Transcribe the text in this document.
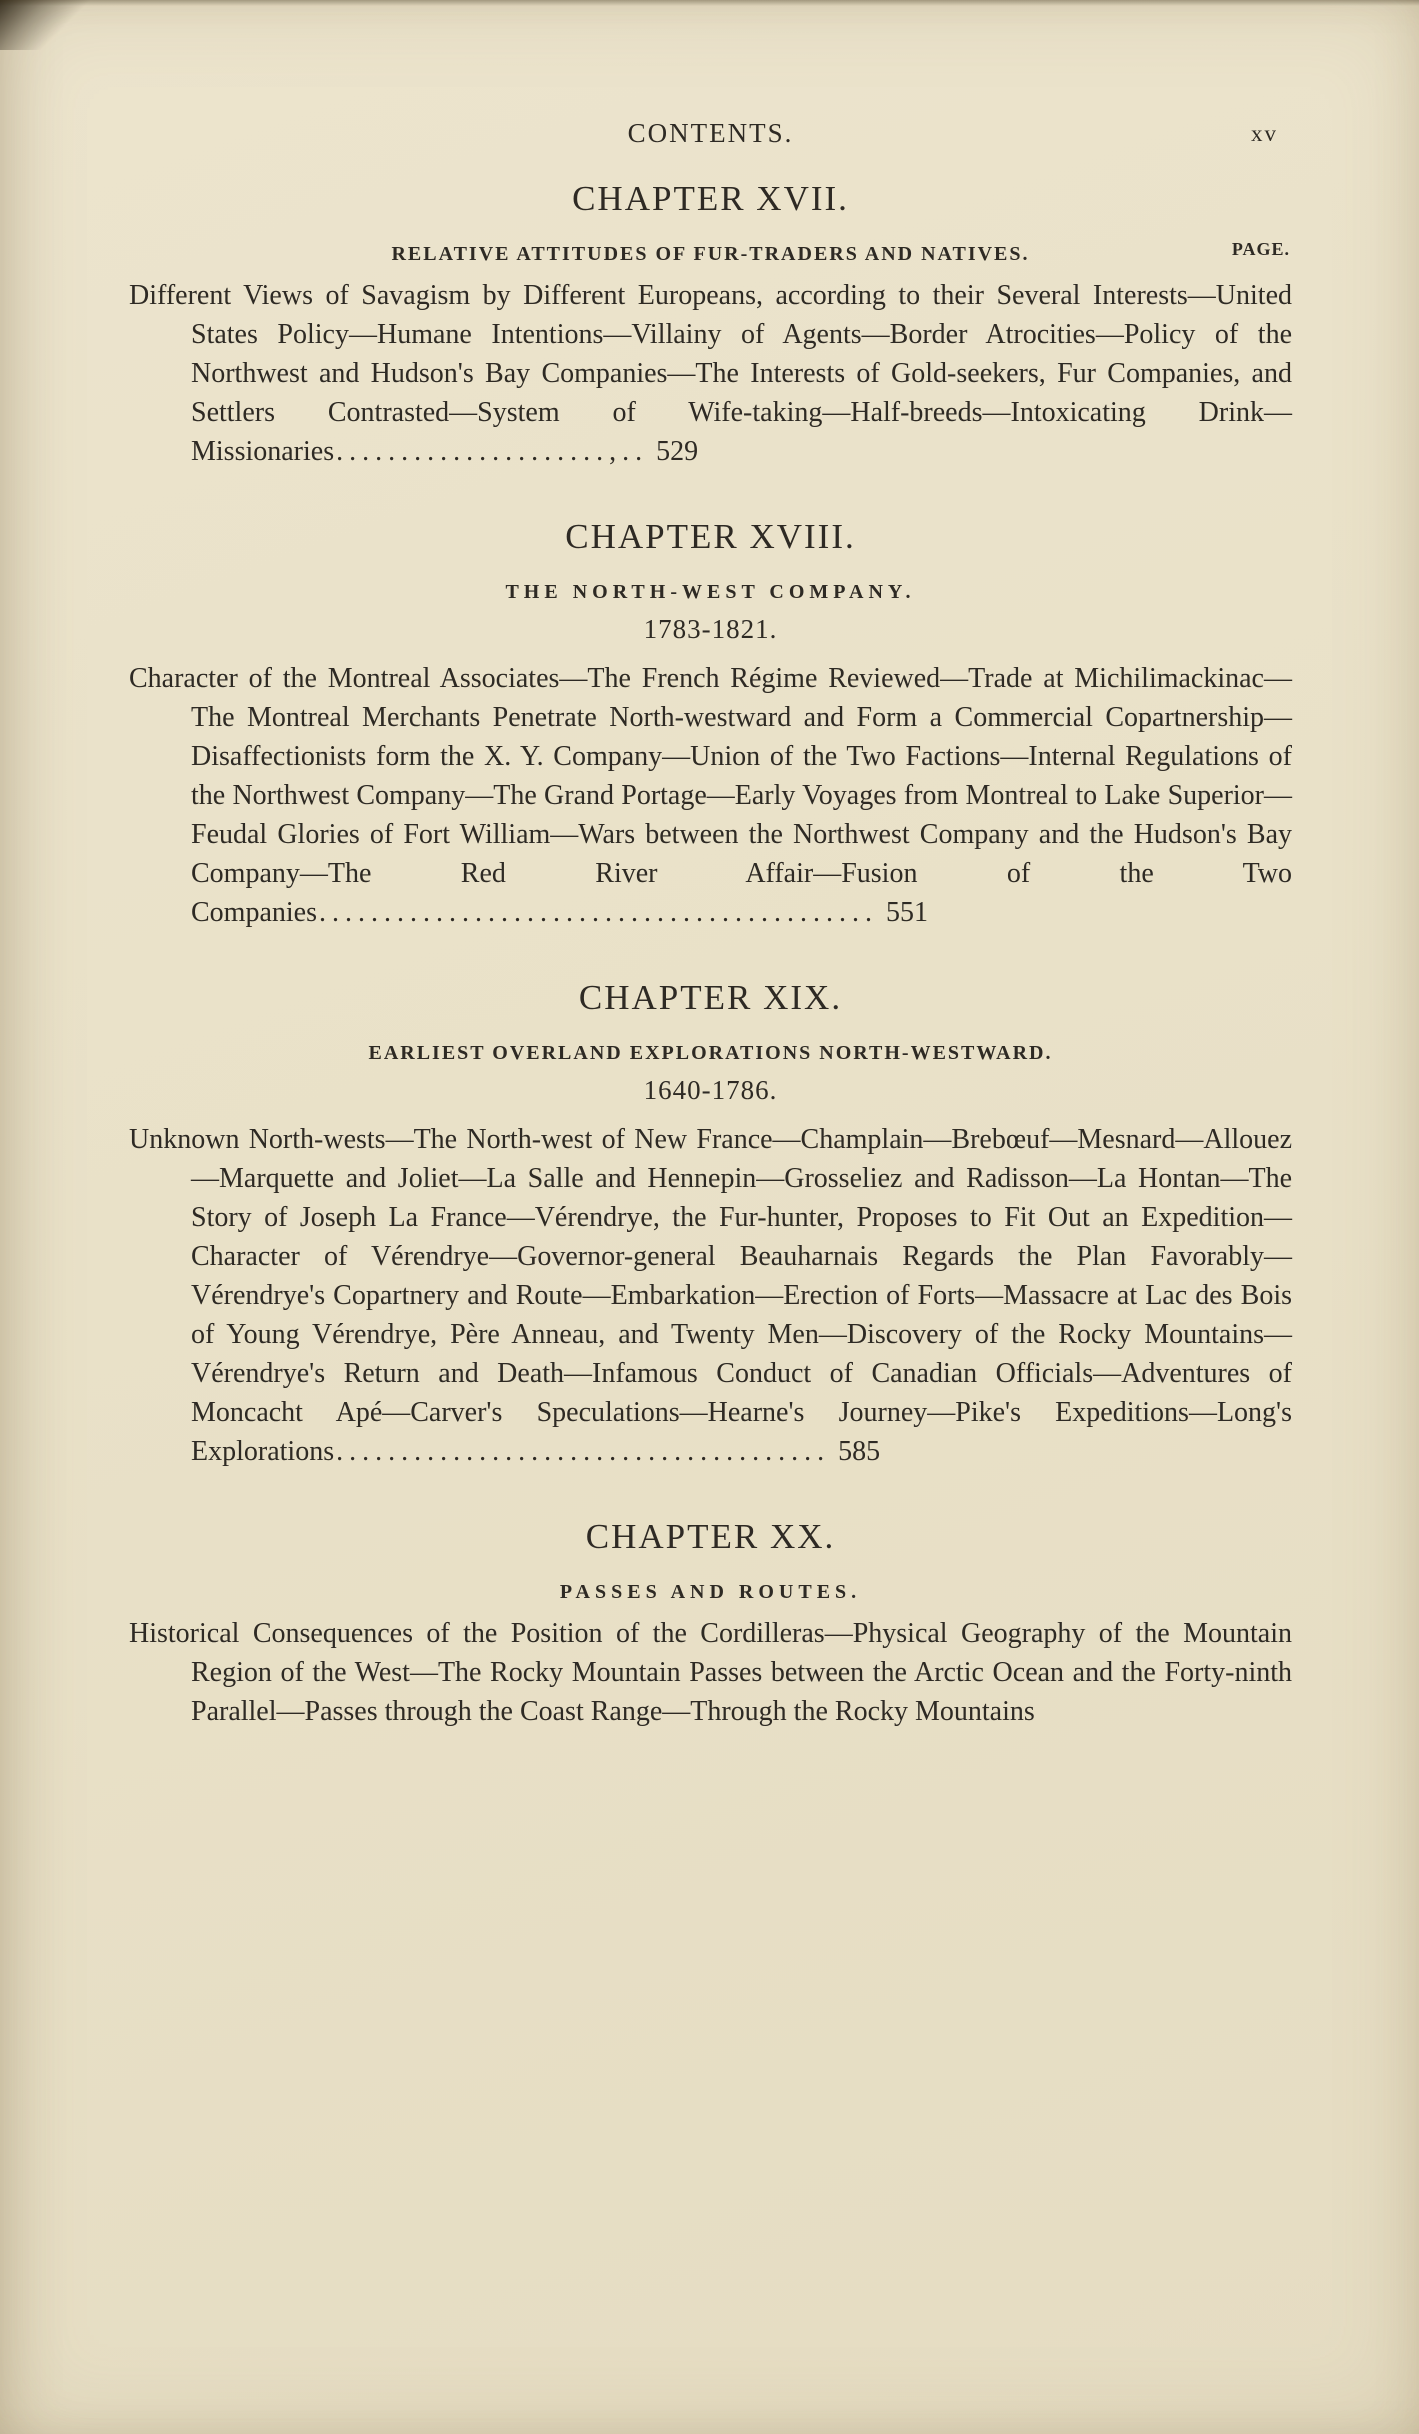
CONTENTS.	xv
CHAPTER XVII.
RELATIVE ATTITUDES OF FUR-TRADERS AND NATIVES.	PAGE.

Different Views of Savagism by Different Europeans, according to their Several Interests—United States Policy—Humane Intentions—Villainy of Agents—Border Atrocities—Policy of the Northwest and Hudson's Bay Companies—The Interests of Gold-seekers, Fur Companies, and Settlers Contrasted—System of Wife-taking—Half-breeds—Intoxicating Drink—Missionaries.....................,.. 529

CHAPTER XVIII.
THE NORTH-WEST COMPANY.
1783-1821.

Character of the Montreal Associates—The French Régime Reviewed—Trade at Michilimackinac—The Montreal Merchants Penetrate North-westward and Form a Commercial Copartnership—Disaffectionists form the X. Y. Company—Union of the Two Factions—Internal Regulations of the Northwest Company—The Grand Portage—Early Voyages from Montreal to Lake Superior—Feudal Glories of Fort William—Wars between the Northwest Company and the Hudson's Bay Company—The Red River Affair—Fusion of the Two Companies........................................... 551

CHAPTER XIX.
EARLIEST OVERLAND EXPLORATIONS NORTH-WESTWARD.
1640-1786.

Unknown North-wests—The North-west of New France—Champlain—Brebœuf—Mesnard—Allouez—Marquette and Joliet—La Salle and Hennepin—Grosseliez and Radisson—La Hontan—The Story of Joseph La France—Vérendrye, the Fur-hunter, Proposes to Fit Out an Expedition—Character of Vérendrye—Governor-general Beauharnais Regards the Plan Favorably—Vérendrye's Copartnery and Route—Embarkation—Erection of Forts—Massacre at Lac des Bois of Young Vérendrye, Père Anneau, and Twenty Men—Discovery of the Rocky Mountains—Vérendrye's Return and Death—Infamous Conduct of Canadian Officials—Adventures of Moncacht Apé—Carver's Speculations—Hearne's Journey—Pike's Expeditions—Long's Explorations...................................... 585

CHAPTER XX.
PASSES AND ROUTES.

Historical Consequences of the Position of the Cordilleras—Physical Geography of the Mountain Region of the West—The Rocky Mountain Passes between the Arctic Ocean and the Forty-ninth Parallel—Passes through the Coast Range—Through the Rocky Mountains
